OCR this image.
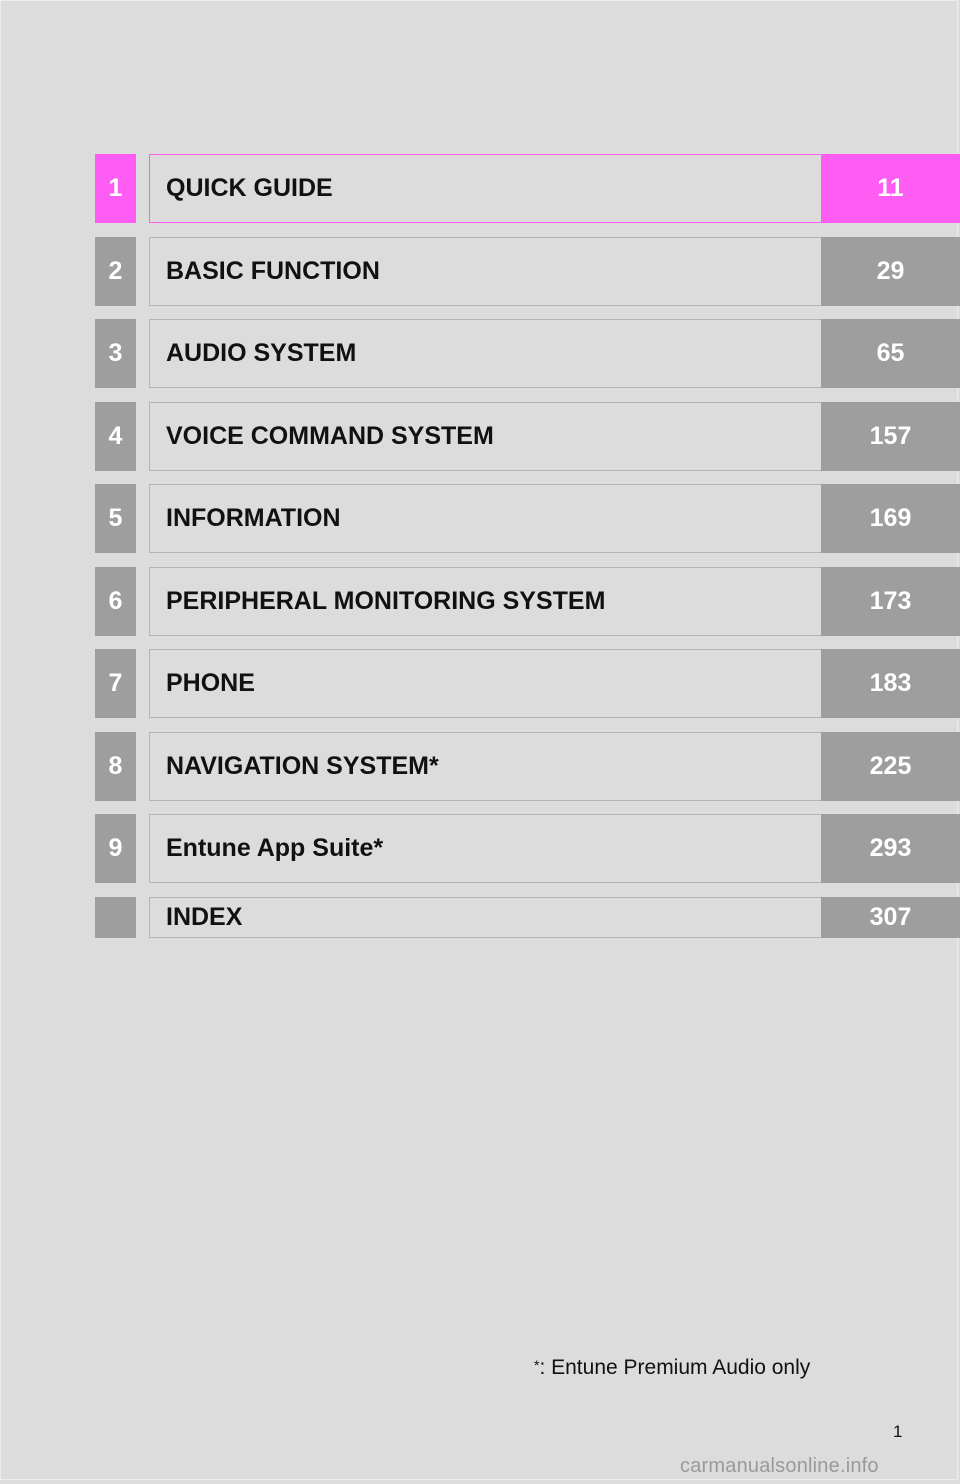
1	QUICK GUIDE	11
2	BASIC FUNCTION	29
3	AUDIO SYSTEM	65
4	VOICE COMMAND SYSTEM	157
5	INFORMATION	169
6	PERIPHERAL MONITORING SYSTEM	173
7	PHONE	183
8	NAVIGATION SYSTEM*	225
9	Entune App Suite*	293
INDEX	307
*: Entune Premium Audio only
1
carmanualsonline.info
